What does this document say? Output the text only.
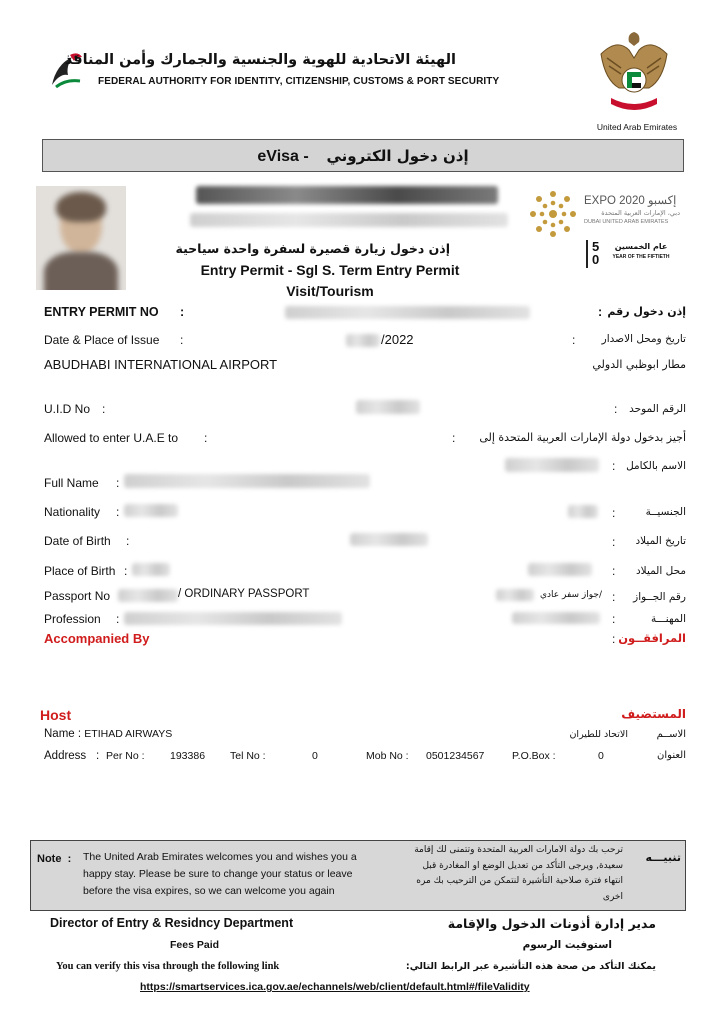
الهيئة الاتحادية للهوية والجنسية والجمارك وأمن المنافذ
FEDERAL AUTHORITY FOR IDENTITY, CITIZENSHIP, CUSTOMS & PORT SECURITY
United Arab Emirates
eVisa - إذن دخول الكتروني
EXPO 2020 إكسبو
دبي، الإمارات العربية المتحدة
DUBAI UNITED ARAB EMIRATES
50
عام الخمسين
YEAR OF THE FIFTIETH
إذن دخول زيارة قصيرة لسفرة واحدة سياحية
Entry Permit - Sgl S. Term Entry Permit
Visit/Tourism
ENTRY PERMIT NO :	: إذن دخول رقم
Date & Place of Issue :	/2022	:	تاريخ ومحل الاصدار
ABUDHABI INTERNATIONAL AIRPORT	مطار ابوظبي الدولي
U.I.D No :	:	الرقم الموحد
Allowed to enter U.A.E to :	:	أجيز بدخول دولة الإمارات العربية المتحدة إلى
:	الاسم بالكامل
Full Name :
Nationality :	:	الجنسيــة
Date of Birth :	:	تاريخ الميلاد
Place of Birth :	:	محل الميلاد
Passport No	/ ORDINARY PASSPORT	/جواز سفر عادي :	رقم الجــواز
Profession :	:	المهنـــة
Accompanied By	: المرافقــون
Host	المستضيف
Name : ETIHAD AIRWAYS	الاتحاد للطيران	الاســم
Address : Per No : 193386 Tel No :	0	Mob No : 0501234567	P.O.Box :	0	العنوان
Note : The United Arab Emirates welcomes you and wishes you a happy stay. Please be sure to change your status or leave before the visa expires, so we can welcome you again
ترحب بك دولة الامارات العربية المتحدة وتتمنى لك إقامة سعيدة, ويرجى التأكد من تعديل الوضع او المغادرة قبل انتهاء فترة صلاحية التأشيرة لنتمكن من الترحيب بك مره اخرى
تنبيـــه
Director of Entry & Residncy Department	مدير إدارة أذونات الدخول والإقامة
Fees Paid	استوفيت الرسوم
You can verify this visa through the following link	يمكنك التأكد من صحة هذه التأشيرة عبر الرابط التالي:
https://smartservices.ica.gov.ae/echannels/web/client/default.html#/fileValidity
